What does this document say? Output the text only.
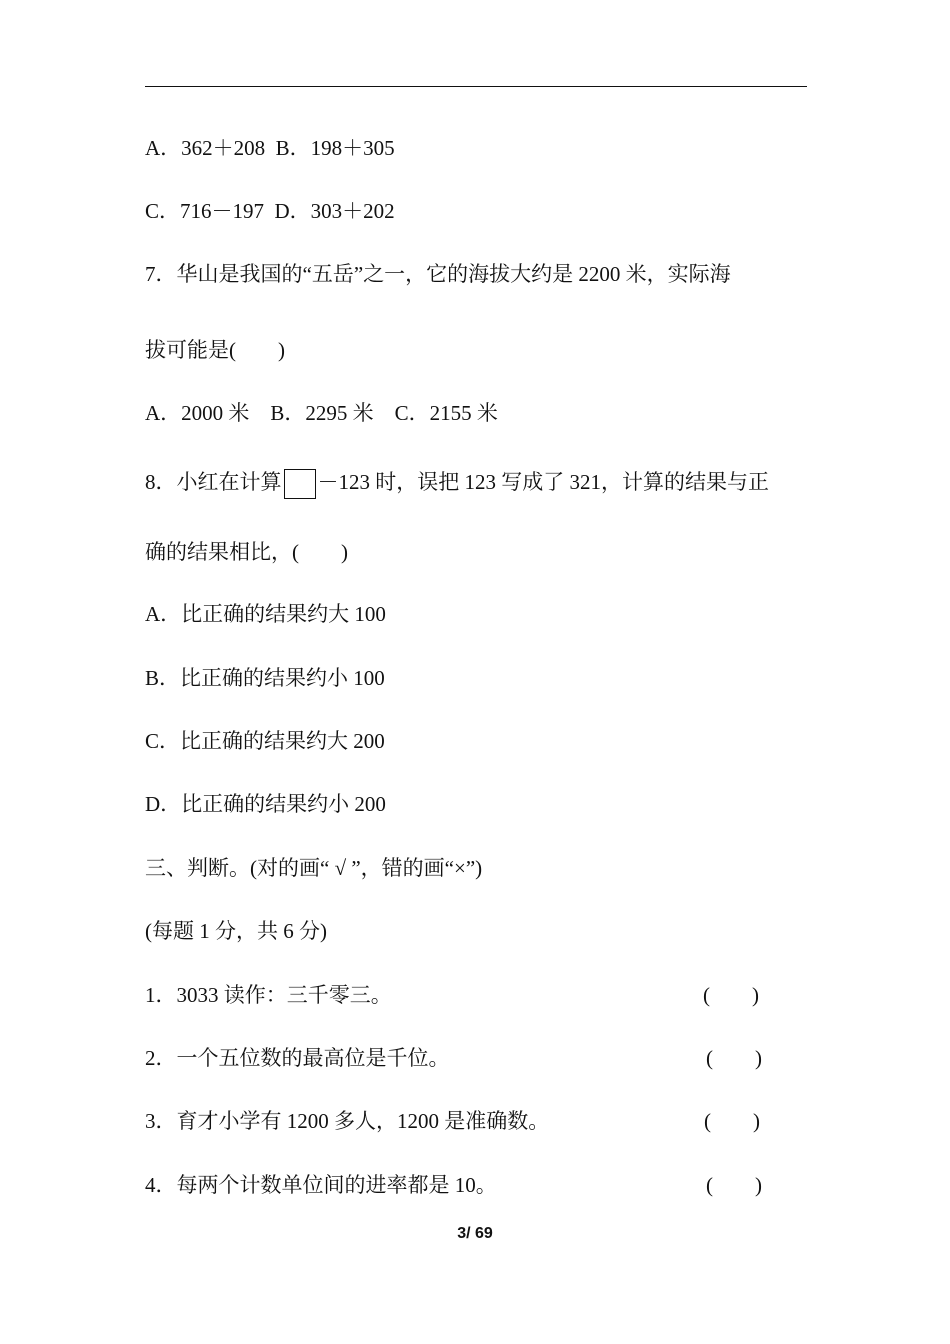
A．362＋208  B．198＋305
C．716－197  D．303＋202
7．华山是我国的“五岳”之一，它的海拔大约是 2200 米，实际海
拔可能是(　　)
A．2000 米　B．2295 米　C．2155 米
8．小红在计算 －123 时，误把 123 写成了 321，计算的结果与正
确的结果相比，(　　)
A．比正确的结果约大 100
B．比正确的结果约小 100
C．比正确的结果约大 200
D．比正确的结果约小 200
三、判断。(对的画“ √ ”，错的画“×”)
(每题 1 分，共 6 分)
1．3033 读作：三千零三。	(　　)
2．一个五位数的最高位是千位。	(　　)
3．育才小学有 1200 多人，1200 是准确数。	(　　)
4．每两个计数单位间的进率都是 10。	(　　)
3/ 69
